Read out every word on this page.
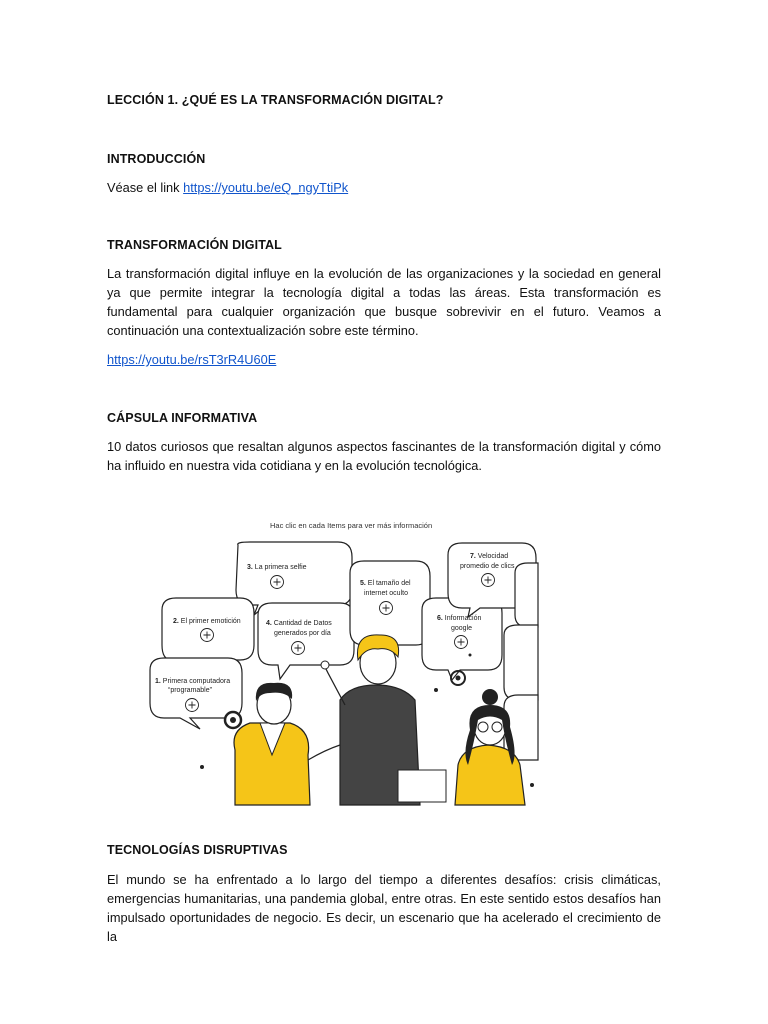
LECCIÓN 1. ¿QUÉ ES LA TRANSFORMACIÓN DIGITAL?
INTRODUCCIÓN
Véase el link https://youtu.be/eQ_ngyTtiPk
TRANSFORMACIÓN DIGITAL
La transformación digital influye en la evolución de las organizaciones y la sociedad en general ya que permite integrar la tecnología digital a todas las áreas. Esta transformación es fundamental para cualquier organización que busque sobrevivir en el futuro. Veamos a continuación una contextualización sobre este término.
https://youtu.be/rsT3rR4U60E
CÁPSULA INFORMATIVA
10 datos curiosos que resaltan algunos aspectos fascinantes de la transformación digital y cómo ha influido en nuestra vida cotidiana y en la evolución tecnológica.
TECNOLOGÍAS DISRUPTIVAS
El mundo se ha enfrentado a lo largo del tiempo a diferentes desafíos: crisis climáticas, emergencias humanitarias, una pandemia global, entre otras. En este sentido estos desafíos han impulsado oportunidades de negocio. Es decir, un escenario que ha acelerado el crecimiento de la
Hac clic en cada Items para ver más información
3. La primera selfie
2. El primer emotición
1. Primera computadora
“programable”
4. Cantidad de Datos
generados por día
5. El tamaño del
internet oculto
6. Información
google
7. Velocidad
promedio de clics
